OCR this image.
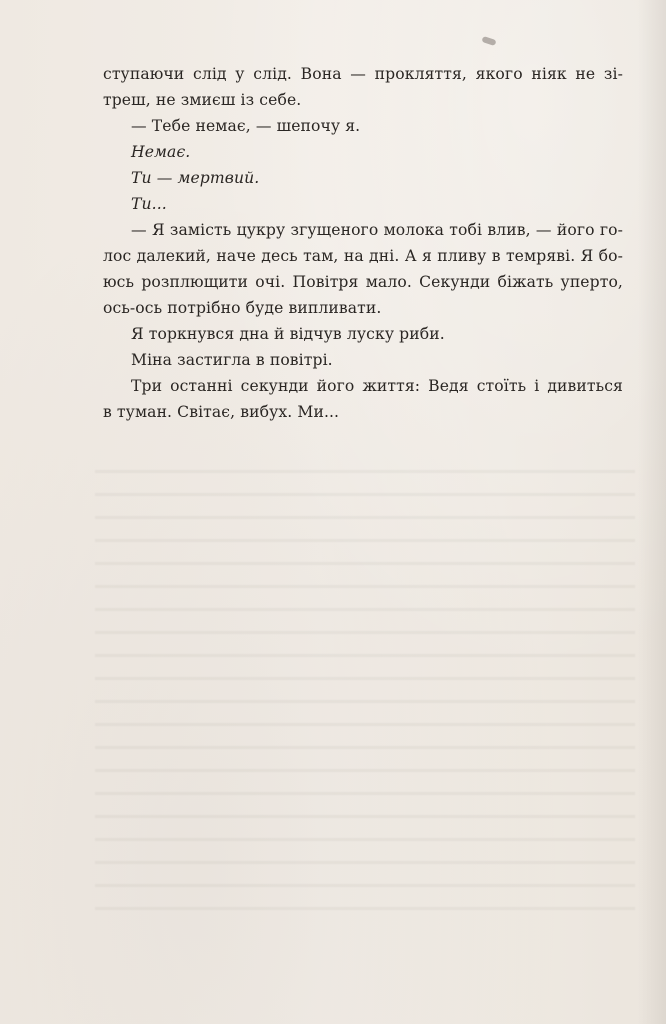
ступаючи слід у слід. Вона — прокляття, якого ніяк не зі-
треш, не змиєш із себе.
— Тебе немає, — шепочу я.
Немає.
Ти — мертвий.
Ти...
— Я замість цукру згущеного молока тобі влив, — його го-
лос далекий, наче десь там, на дні. А я пливу в темряві. Я бо-
юсь розплющити очі. Повітря мало. Секунди біжать уперто,
ось-ось потрібно буде випливати.
Я торкнувся дна й відчув луску риби.
Міна застигла в повітрі.
Три останні секунди його життя: Ведя стоїть і дивиться
в туман. Світає, вибух. Ми...
